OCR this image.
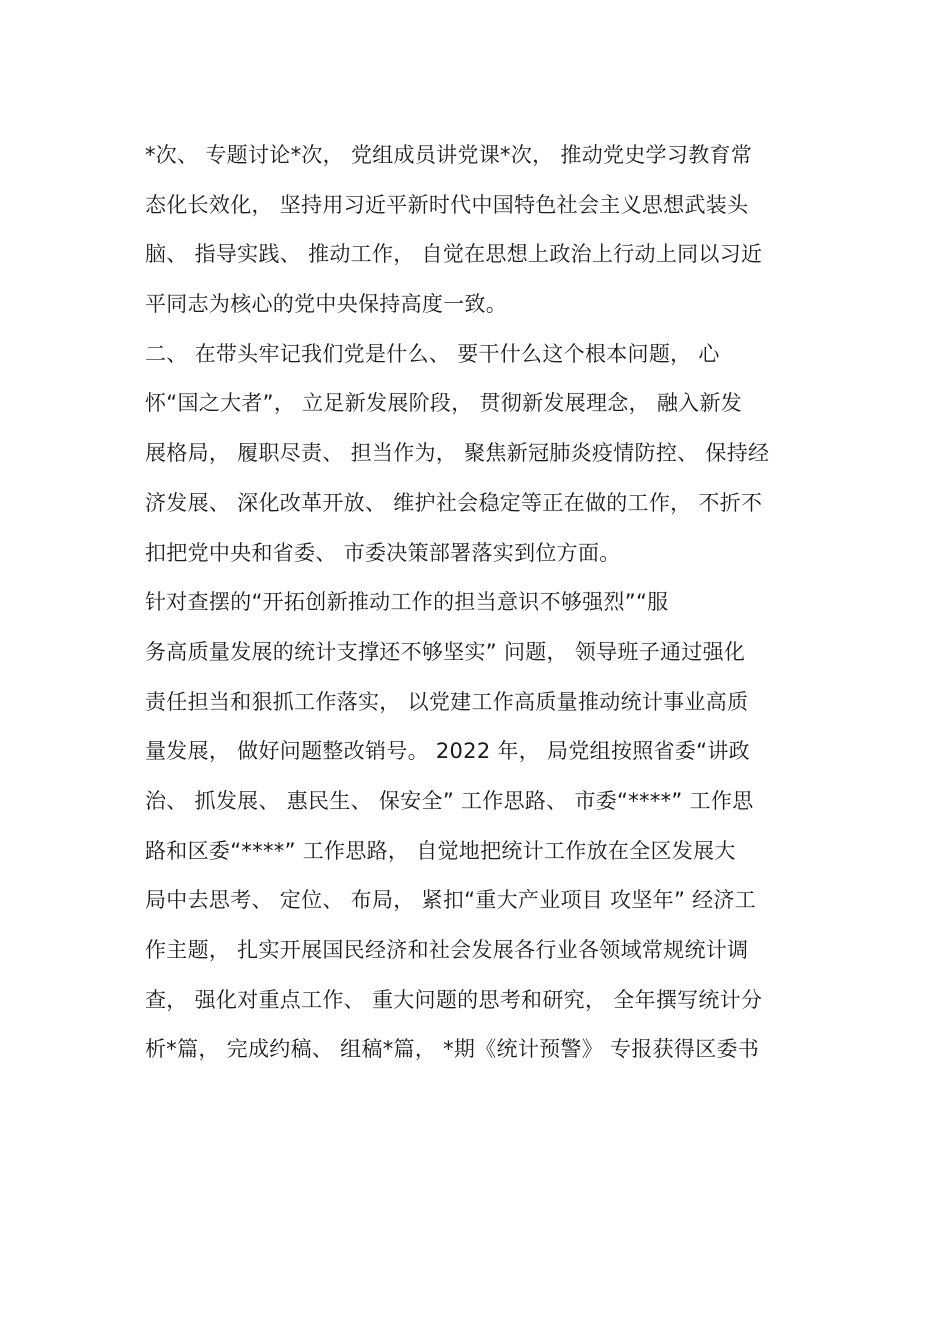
*次、 专题讨论*次， 党组成员讲党课*次， 推动党史学习教育常
态化长效化， 坚持用习近平新时代中国特色社会主义思想武装头
脑、 指导实践、 推动工作， 自觉在思想上政治上行动上同以习近
平同志为核心的党中央保持高度一致。
二、 在带头牢记我们党是什么、 要干什么这个根本问题， 心
怀“国之大者”， 立足新发展阶段， 贯彻新发展理念， 融入新发
展格局， 履职尽责、 担当作为， 聚焦新冠肺炎疫情防控、 保持经
济发展、 深化改革开放、 维护社会稳定等正在做的工作， 不折不
扣把党中央和省委、 市委决策部署落实到位方面。
针对查摆的“开拓创新推动工作的担当意识不够强烈”“服
务高质量发展的统计支撑还不够坚实” 问题， 领导班子通过强化
责任担当和狠抓工作落实， 以党建工作高质量推动统计事业高质
量发展， 做好问题整改销号。 2022 年， 局党组按照省委“讲政
治、 抓发展、 惠民生、 保安全” 工作思路、 市委“****” 工作思
路和区委“****” 工作思路， 自觉地把统计工作放在全区发展大
局中去思考、 定位、 布局， 紧扣“重大产业项目 攻坚年” 经济工
作主题， 扎实开展国民经济和社会发展各行业各领域常规统计调
查， 强化对重点工作、 重大问题的思考和研究， 全年撰写统计分
析*篇， 完成约稿、 组稿*篇， *期《统计预警》 专报获得区委书
